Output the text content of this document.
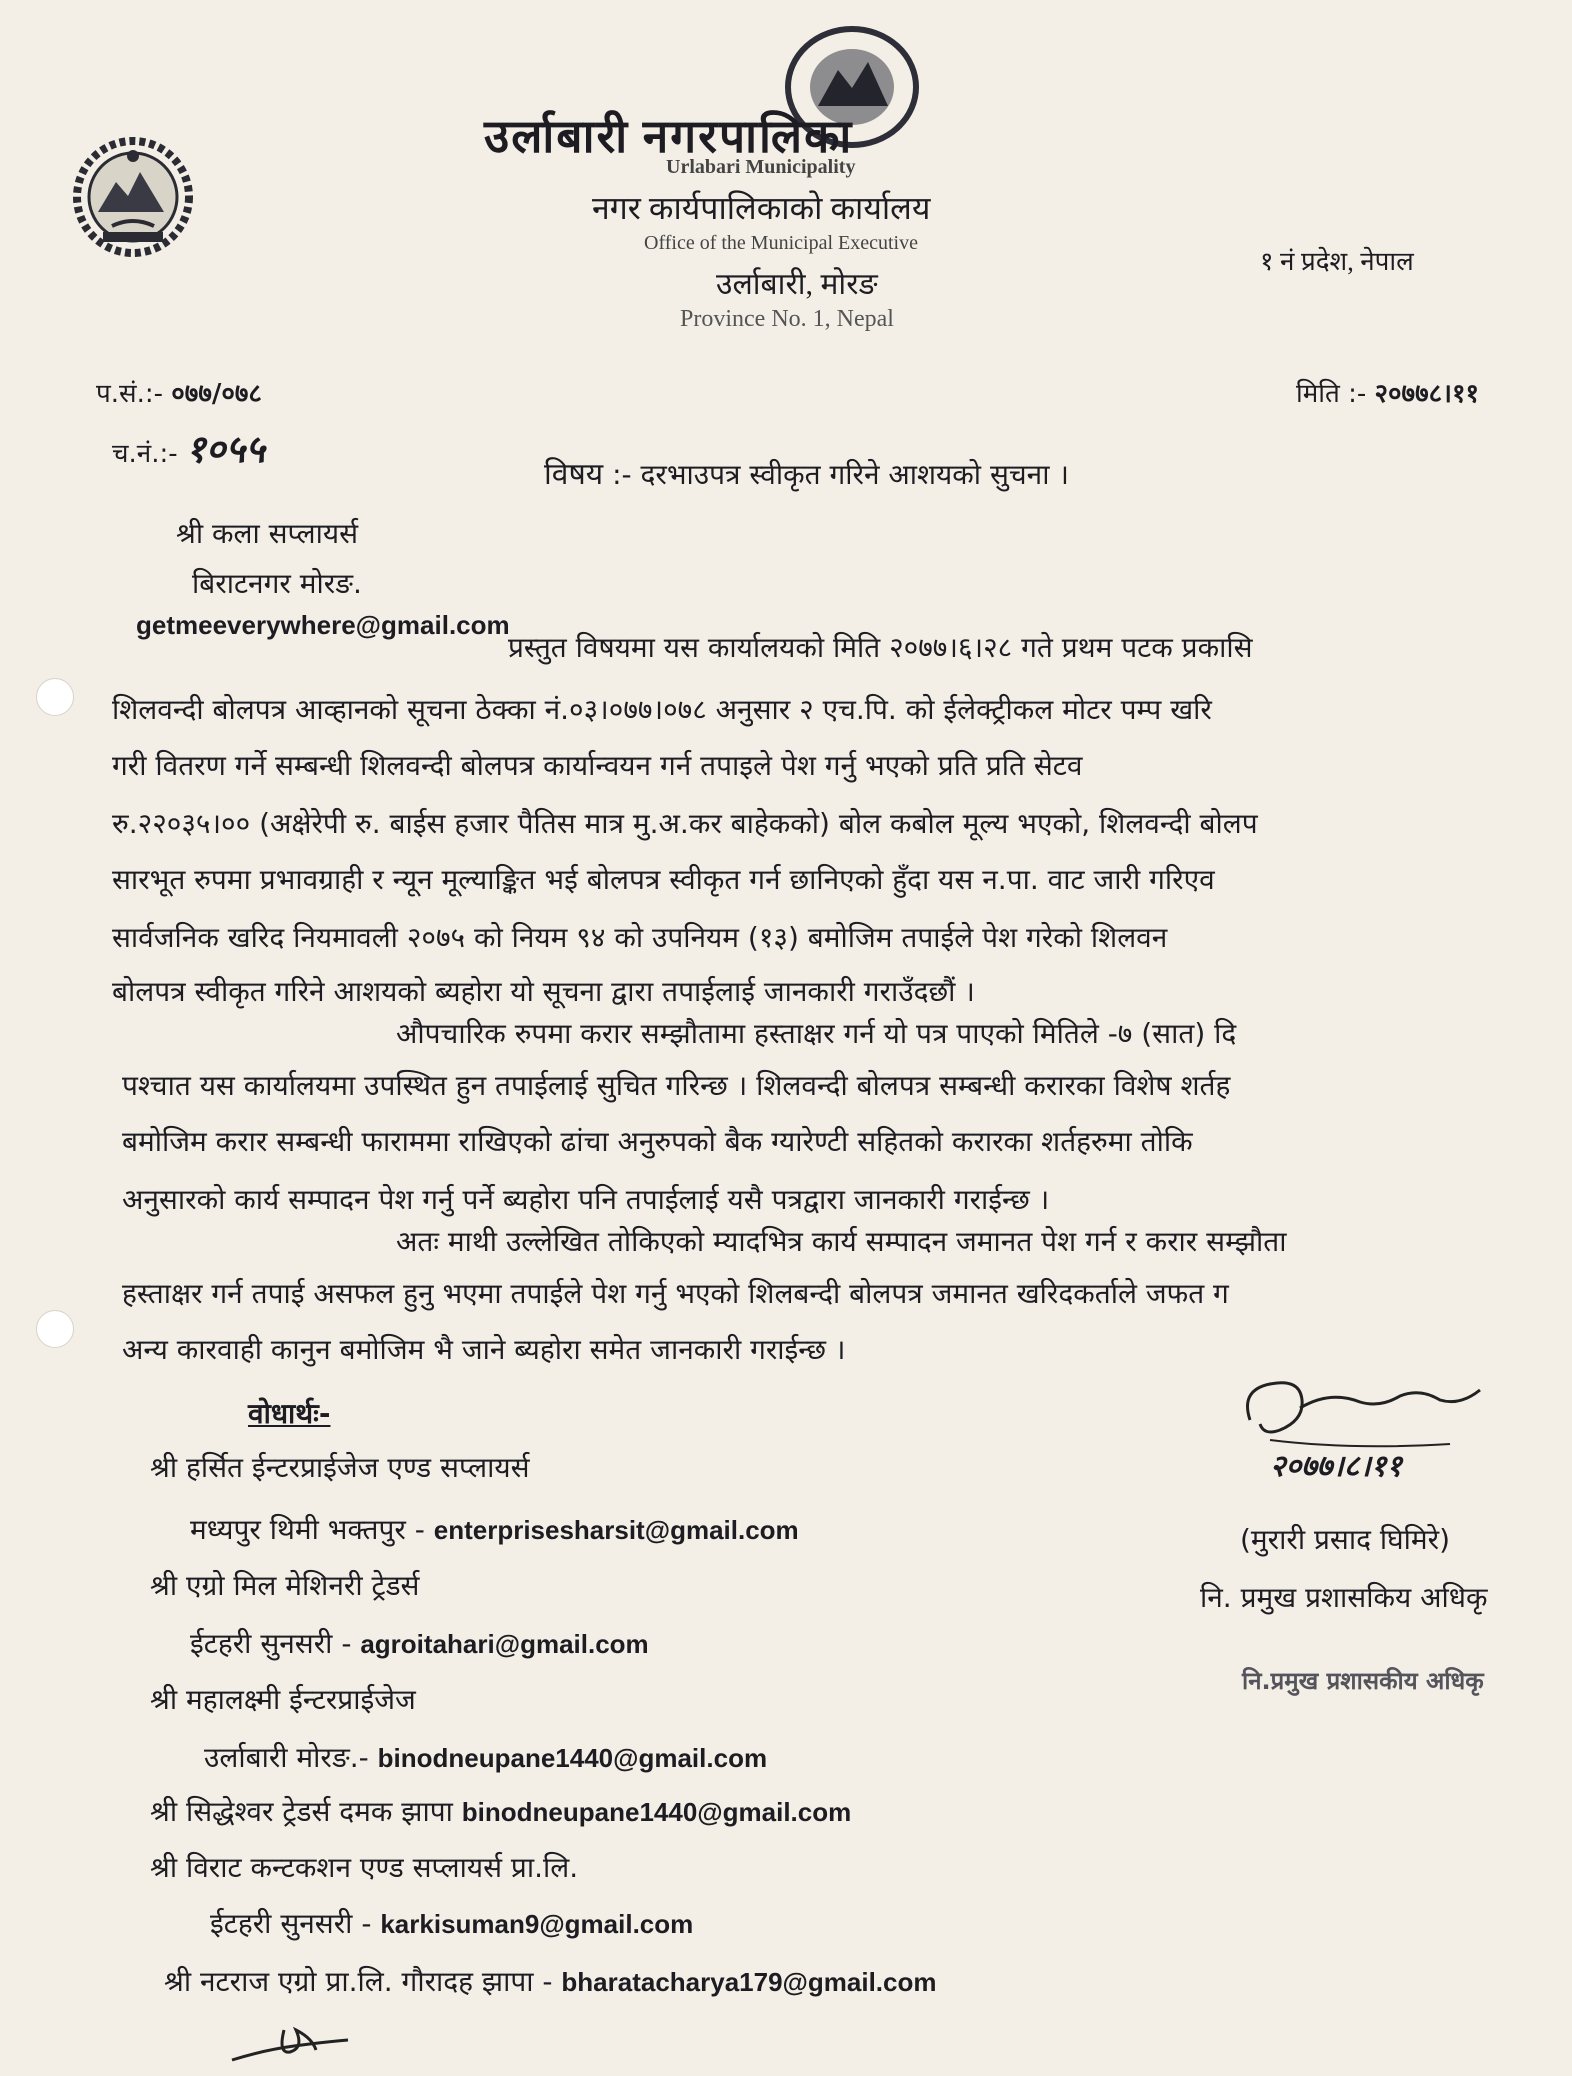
उर्लाबारी नगरपालिका
Urlabari Municipality
नगर कार्यपालिकाको कार्यालय
Office of the Municipal Executive
उर्लाबारी, मोरङ
Province No. 1, Nepal
१ नं प्रदेश, नेपाल
प.सं.:- ०७७/०७८
च.नं.:- १०५५
मिति :- २०७७८।११
विषय :- दरभाउपत्र स्वीकृत गरिने आशयको सुचना ।
श्री कला सप्लायर्स
बिराटनगर मोरङ.
getmeeverywhere@gmail.com
प्रस्तुत विषयमा यस कार्यालयको मिति २०७७।६।२८ गते प्रथम पटक प्रकासि
शिलवन्दी बोलपत्र आव्हानको सूचना ठेक्का नं.०३।०७७।०७८ अनुसार २ एच.पि. को ईलेक्ट्रीकल मोटर पम्प खरि
गरी वितरण गर्ने सम्बन्धी शिलवन्दी बोलपत्र कार्यान्वयन गर्न तपाइले पेश गर्नु भएको प्रति प्रति सेटव
रु.२२०३५।०० (अक्षेरेपी रु. बाईस हजार पैतिस मात्र मु.अ.कर बाहेकको) बोल कबोल मूल्य भएको, शिलवन्दी बोलप
सारभूत रुपमा प्रभावग्राही र न्यून मूल्याङ्कित भई बोलपत्र स्वीकृत गर्न छानिएको हुँदा यस न.पा. वाट जारी गरिएव
सार्वजनिक खरिद नियमावली २०७५ को नियम ९४ को उपनियम (१३) बमोजिम तपाईले पेश गरेको शिलवन
बोलपत्र स्वीकृत गरिने आशयको ब्यहोरा यो सूचना द्वारा तपाईलाई जानकारी गराउँदछौं ।
औपचारिक रुपमा करार सम्झौतामा हस्ताक्षर गर्न यो पत्र पाएको मितिले -७ (सात) दि
पश्चात यस कार्यालयमा उपस्थित हुन तपाईलाई सुचित गरिन्छ । शिलवन्दी बोलपत्र सम्बन्धी करारका विशेष शर्तह
बमोजिम करार सम्बन्धी फाराममा राखिएको ढांचा अनुरुपको बैक ग्यारेण्टी सहितको करारका शर्तहरुमा तोकि
अनुसारको कार्य सम्पादन पेश गर्नु पर्ने ब्यहोरा पनि तपाईलाई यसै पत्रद्वारा जानकारी गराईन्छ ।
अतः माथी उल्लेखित तोकिएको म्यादभित्र कार्य सम्पादन जमानत पेश गर्न र करार सम्झौता
हस्ताक्षर गर्न तपाई असफल हुनु भएमा तपाईले पेश गर्नु भएको शिलबन्दी बोलपत्र जमानत खरिदकर्ताले जफत ग
अन्य कारवाही कानुन बमोजिम भै जाने ब्यहोरा समेत जानकारी गराईन्छ ।
वोधार्थः-
श्री हर्सित ईन्टरप्राईजेज एण्ड सप्लायर्स
मध्यपुर थिमी भक्तपुर - enterprisesharsit@gmail.com
श्री एग्रो मिल मेशिनरी ट्रेडर्स
ईटहरी सुनसरी - agroitahari@gmail.com
श्री महालक्ष्मी ईन्टरप्राईजेज
उर्लाबारी मोरङ.- binodneupane1440@gmail.com
श्री सिद्धेश्वर ट्रेडर्स दमक झापा binodneupane1440@gmail.com
श्री विराट कन्टकशन एण्ड सप्लायर्स प्रा.लि.
ईटहरी सुनसरी - karkisuman9@gmail.com
श्री नटराज एग्रो प्रा.लि. गौरादह झापा - bharatacharya179@gmail.com
२०७७।८।११
(मुरारी प्रसाद घिमिरे)
नि. प्रमुख प्रशासकिय अधिकृ
नि.प्रमुख प्रशासकीय अधिकृ
